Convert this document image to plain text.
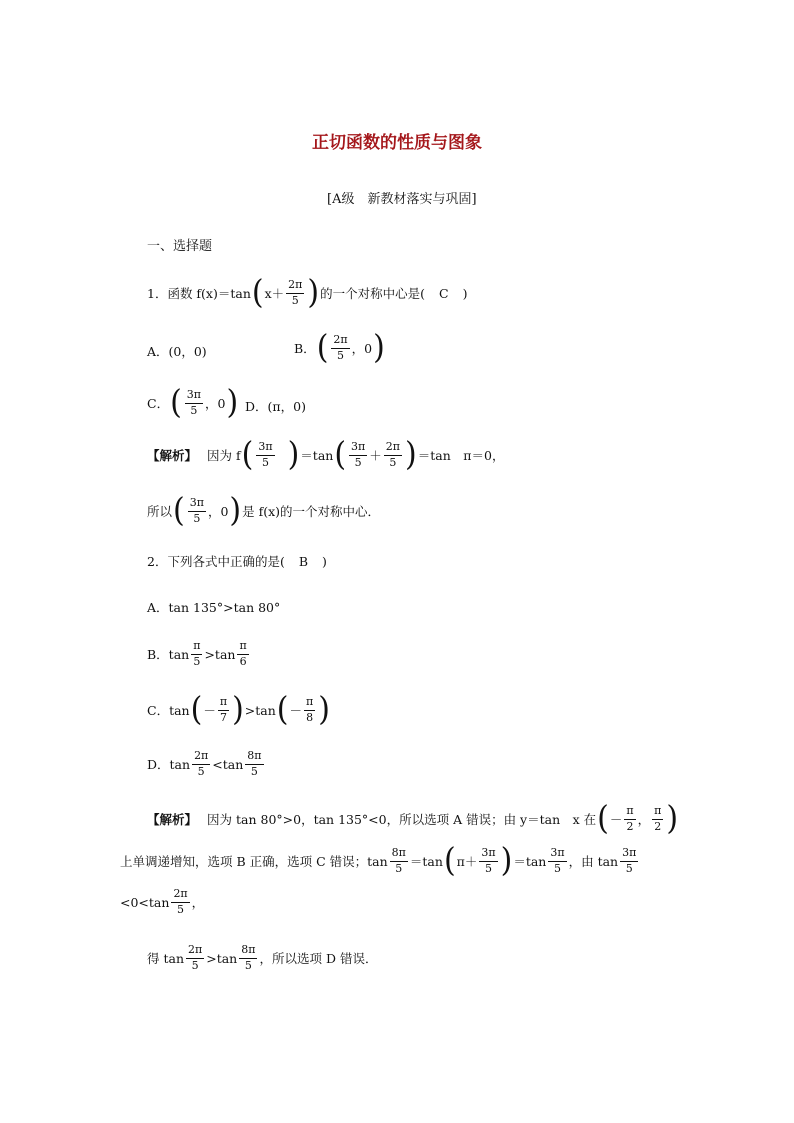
正切函数的性质与图象
[A级　新教材落实与巩固]
一、选择题
1．函数 f(x)＝tan ( $x+ \frac{2\pi}{5}$ ) 的一个对称中心是( C )
A．(0，0)	B． ( $\frac{2\pi}{5}$ ，0 )
C． ( $\frac{3\pi}{5}$ ，0 ) D．(π，0)
【解析】 因为 f ( $\frac{3\pi}{5}$ ) ＝tan ( $\frac{3\pi}{5} + \frac{2\pi}{5}$ ) ＝tan　π＝0，
所以 ( $\frac{3\pi}{5}$ ，0 ) 是 f(x)的一个对称中心．
2．下列各式中正确的是( B )
A．tan 135°>tan 80°
B．$\tan \frac{\pi}{5} >\tan \frac{\pi}{6}$
C．tan ( － $\frac{\pi}{7}$ ) >tan ( － $\frac{\pi}{8}$ )
D．$\tan \frac{2\pi}{5} <\tan \frac{8\pi}{5}$
【解析】 因为 tan 80°>0，tan 135°<0，所以选项 A 错误；由 y＝tan　x 在 ( － $\frac{\pi}{2}$ ， $\frac{\pi}{2}$ )
上单调递增知，选项 B 正确，选项 C 错误；$\tan \frac{8\pi}{5} =\tan$ ( $\pi+ \frac{3\pi}{5}$ ) $=\tan \frac{3\pi}{5}$ ，由 $\tan \frac{3\pi}{5}$
$<0<\tan \frac{2\pi}{5}$ ，
得 $\tan \frac{2\pi}{5} >\tan \frac{8\pi}{5}$ ，所以选项 D 错误．
